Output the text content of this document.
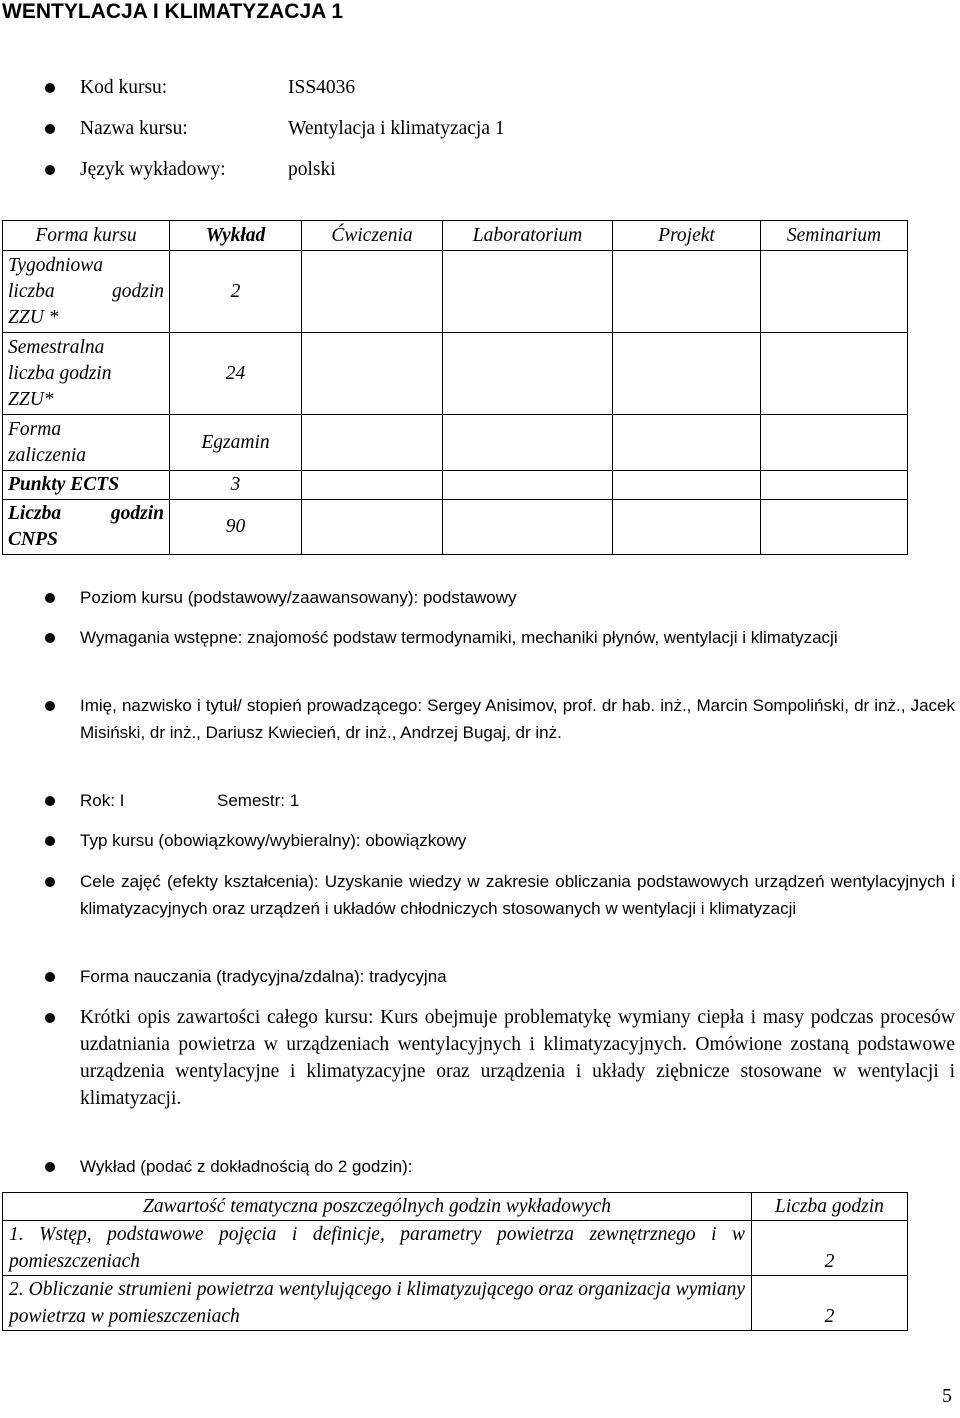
WENTYLACJA I KLIMATYZACJA 1
Kod kursu:	ISS4036
Nazwa kursu:	Wentylacja i klimatyzacja 1
Język wykładowy:	polski
Forma kursu	Wykład	Ćwiczenia	Laboratorium	Projekt	Seminarium

Tygodniowa
liczba godzin
ZZU *	2				

Semestralna
liczba godzin
ZZU*	24				

Forma
zaliczenia	Egzamin				
Punkty ECTS	3				

Liczba godzin
CNPS	90				
Poziom kursu (podstawowy/zaawansowany): podstawowy
Wymagania wstępne: znajomość podstaw termodynamiki, mechaniki płynów, wentylacji i klimatyzacji
Imię, nazwisko i tytuł/ stopień prowadzącego: Sergey Anisimov, prof. dr hab. inż., Marcin Sompoliński, dr inż., Jacek Misiński, dr inż., Dariusz Kwiecień, dr inż., Andrzej Bugaj, dr inż.
Rok: I	Semestr: 1
Typ kursu (obowiązkowy/wybieralny): obowiązkowy
Cele zajęć (efekty kształcenia): Uzyskanie wiedzy w zakresie obliczania podstawowych urządzeń wentylacyjnych i klimatyzacyjnych oraz urządzeń i układów chłodniczych stosowanych w wentylacji i klimatyzacji
Forma nauczania (tradycyjna/zdalna): tradycyjna
Krótki opis zawartości całego kursu: Kurs obejmuje problematykę wymiany ciepła i masy podczas procesów uzdatniania powietrza w urządzeniach wentylacyjnych i klimatyzacyjnych. Omówione zostaną podstawowe urządzenia wentylacyjne i klimatyzacyjne oraz urządzenia i układy ziębnicze stosowane w wentylacji i klimatyzacji.
Wykład (podać z dokładnością do 2 godzin):
Zawartość tematyczna poszczególnych godzin wykładowych	Liczba godzin
1. Wstęp, podstawowe pojęcia i definicje, parametry powietrza zewnętrznego i w pomieszczeniach	2
2. Obliczanie strumieni powietrza wentylującego i klimatyzującego oraz organizacja wymiany powietrza w pomieszczeniach	2
5
